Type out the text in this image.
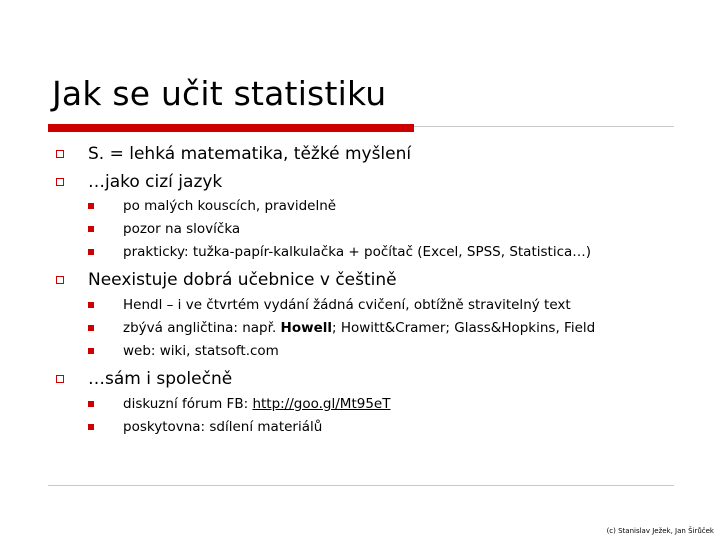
Jak se učit statistiku
S. = lehká matematika, těžké myšlení
…jako cizí jazyk
po malých kouscích, pravidelně
pozor na slovíčka
prakticky: tužka-papír-kalkulačka + počítač (Excel, SPSS, Statistica…)
Neexistuje dobrá učebnice v češtině
Hendl – i ve čtvrtém vydání žádná cvičení, obtížně stravitelný text
zbývá angličtina: např. Howell; Howitt&Cramer; Glass&Hopkins, Field
web: wiki, statsoft.com
…sám i společně
diskuzní fórum FB: http://goo.gl/Mt95eT
poskytovna: sdílení materiálů
(c) Stanislav Ježek, Jan Širůček
